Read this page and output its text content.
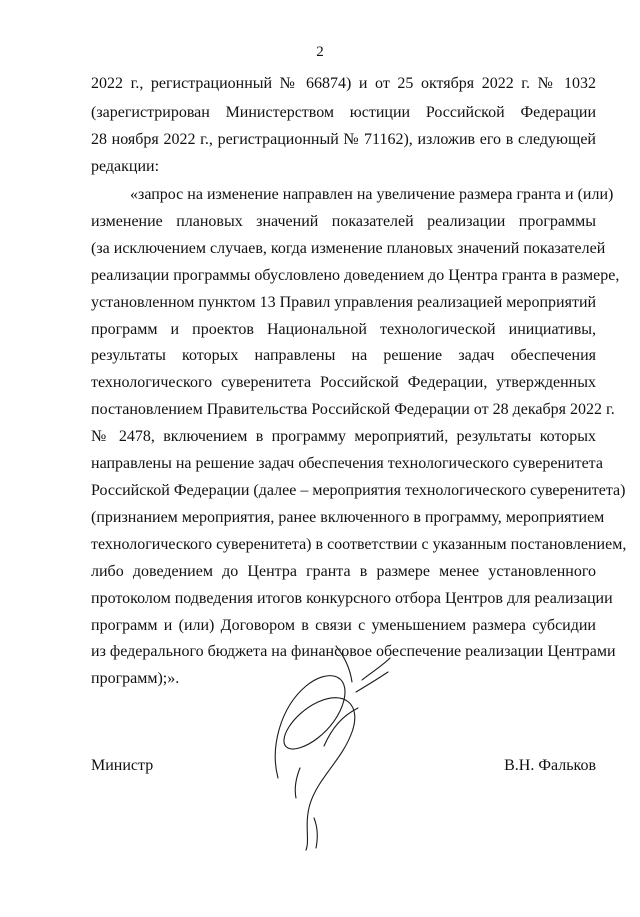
2
2022 г., регистрационный № 66874) и от 25 октября 2022 г. № 1032
(зарегистрирован Министерством юстиции Российской Федерации
28 ноября 2022 г., регистрационный № 71162), изложив его в следующей
редакции:
«запрос на изменение направлен на увеличение размера гранта и (или)
изменение плановых значений показателей реализации программы
(за исключением случаев, когда изменение плановых значений показателей
реализации программы обусловлено доведением до Центра гранта в размере,
установленном пунктом 13 Правил управления реализацией мероприятий
программ и проектов Национальной технологической инициативы,
результаты которых направлены на решение задач обеспечения
технологического суверенитета Российской Федерации, утвержденных
постановлением Правительства Российской Федерации от 28 декабря 2022 г.
№ 2478, включением в программу мероприятий, результаты которых
направлены на решение задач обеспечения технологического суверенитета
Российской Федерации (далее – мероприятия технологического суверенитета)
(признанием мероприятия, ранее включенного в программу, мероприятием
технологического суверенитета) в соответствии с указанным постановлением,
либо доведением до Центра гранта в размере менее установленного
протоколом подведения итогов конкурсного отбора Центров для реализации
программ и (или) Договором в связи с уменьшением размера субсидии
из федерального бюджета на финансовое обеспечение реализации Центрами
программ);».
Министр	В.Н. Фальков
